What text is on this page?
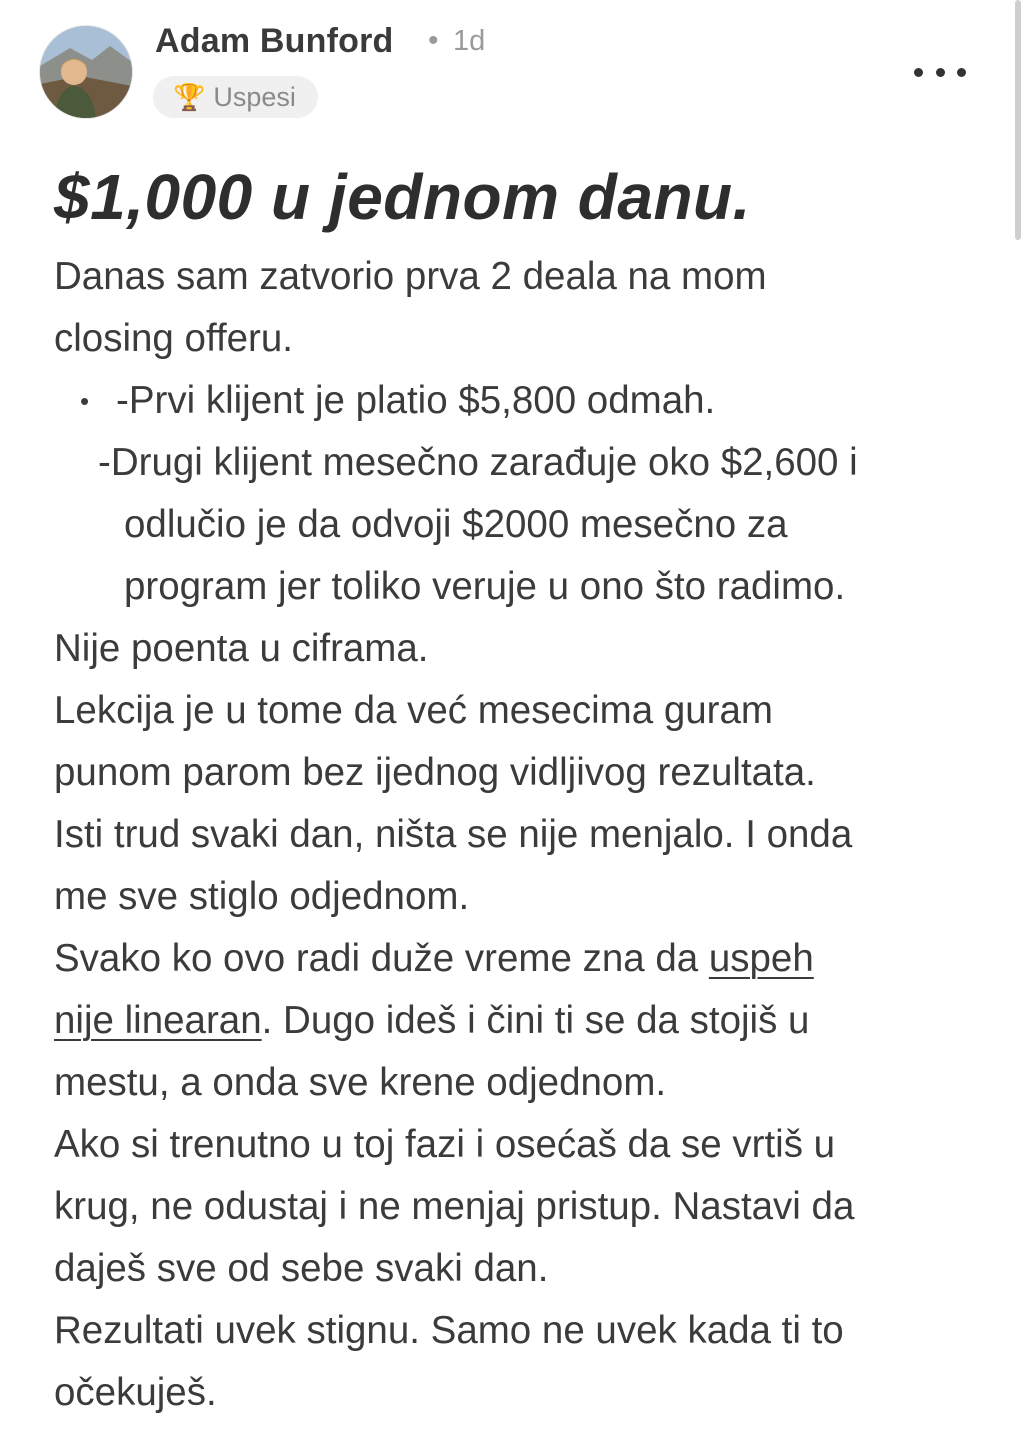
Adam Bunford • 1d
🏆 Uspesi
$1,000 u jednom danu.

Danas sam zatvorio prva 2 deala na mom

closing offeru.

• -Prvi klijent je platio $5,800 odmah.

-Drugi klijent mesečno zarađuje oko $2,600 i

odlučio je da odvoji $2000 mesečno za

program jer toliko veruje u ono što radimo.

Nije poenta u ciframa.

Lekcija je u tome da već mesecima guram

punom parom bez ijednog vidljivog rezultata.

Isti trud svaki dan, ništa se nije menjalo. I onda

me sve stiglo odjednom.

Svako ko ovo radi duže vreme zna da uspeh

nije linearan. Dugo ideš i čini ti se da stojiš u

mestu, a onda sve krene odjednom.

Ako si trenutno u toj fazi i osećaš da se vrtiš u

krug, ne odustaj i ne menjaj pristup. Nastavi da

daješ sve od sebe svaki dan.

Rezultati uvek stignu. Samo ne uvek kada ti to

očekuješ.
